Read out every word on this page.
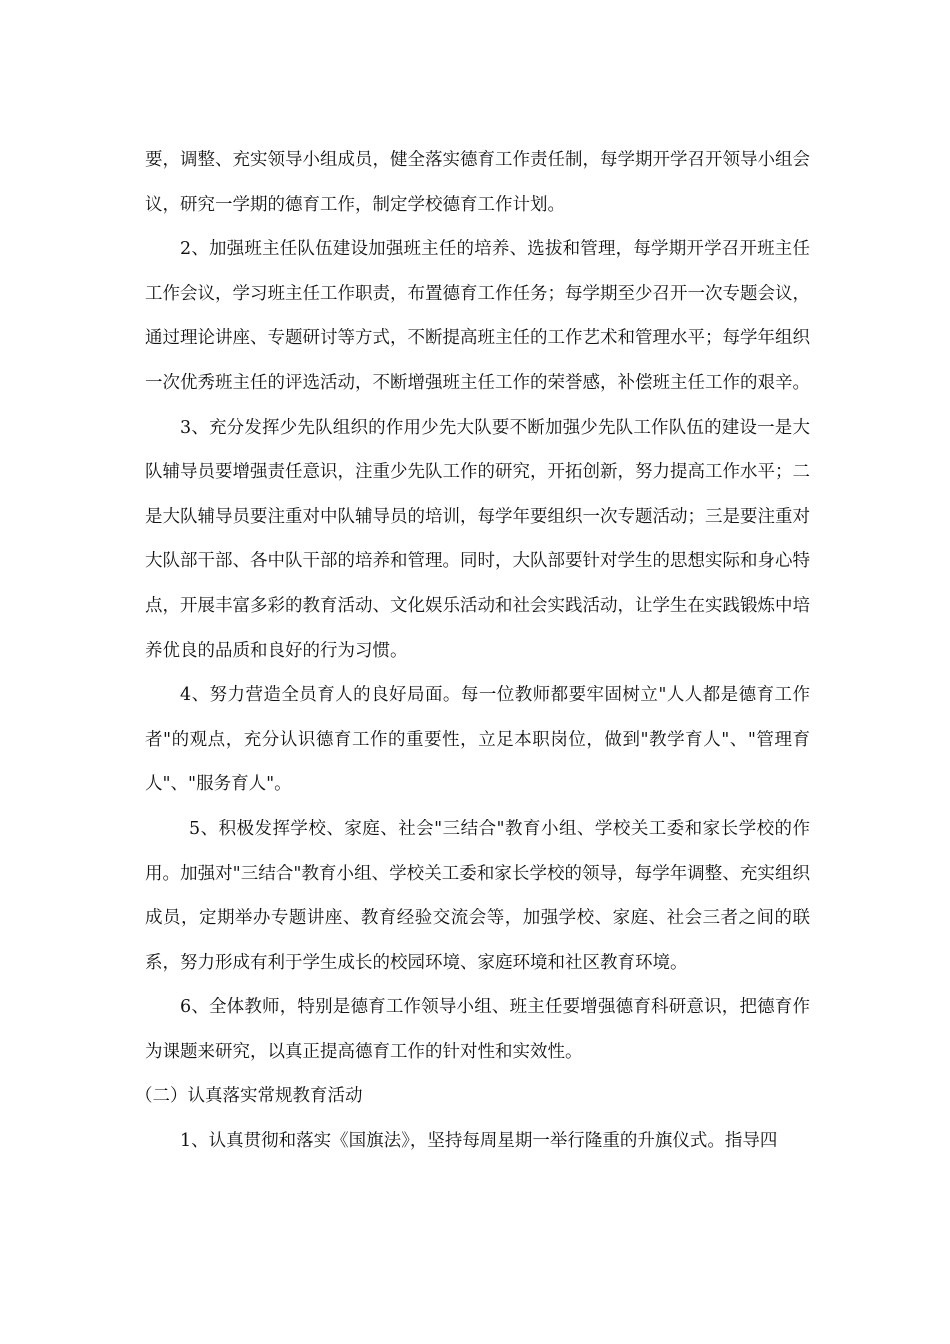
要，调整、充实领导小组成员，健全落实德育工作责任制，每学期开学召开领导小组会议，研究一学期的德育工作，制定学校德育工作计划。

2、加强班主任队伍建设加强班主任的培养、选拔和管理，每学期开学召开班主任工作会议，学习班主任工作职责，布置德育工作任务；每学期至少召开一次专题会议，通过理论讲座、专题研讨等方式，不断提高班主任的工作艺术和管理水平；每学年组织一次优秀班主任的评选活动，不断增强班主任工作的荣誉感，补偿班主任工作的艰辛。

3、充分发挥少先队组织的作用少先大队要不断加强少先队工作队伍的建设一是大队辅导员要增强责任意识，注重少先队工作的研究，开拓创新，努力提高工作水平；二是大队辅导员要注重对中队辅导员的培训，每学年要组织一次专题活动；三是要注重对大队部干部、各中队干部的培养和管理。同时，大队部要针对学生的思想实际和身心特点，开展丰富多彩的教育活动、文化娱乐活动和社会实践活动，让学生在实践锻炼中培养优良的品质和良好的行为习惯。

4、努力营造全员育人的良好局面。每一位教师都要牢固树立"人人都是德育工作者"的观点，充分认识德育工作的重要性，立足本职岗位，做到"教学育人"、"管理育人"、"服务育人"。

5、积极发挥学校、家庭、社会"三结合"教育小组、学校关工委和家长学校的作用。加强对"三结合"教育小组、学校关工委和家长学校的领导，每学年调整、充实组织成员，定期举办专题讲座、教育经验交流会等，加强学校、家庭、社会三者之间的联系，努力形成有利于学生成长的校园环境、家庭环境和社区教育环境。

6、全体教师，特别是德育工作领导小组、班主任要增强德育科研意识，把德育作为课题来研究，以真正提高德育工作的针对性和实效性。

（二）认真落实常规教育活动

1、认真贯彻和落实《国旗法》，坚持每周星期一举行隆重的升旗仪式。指导四
